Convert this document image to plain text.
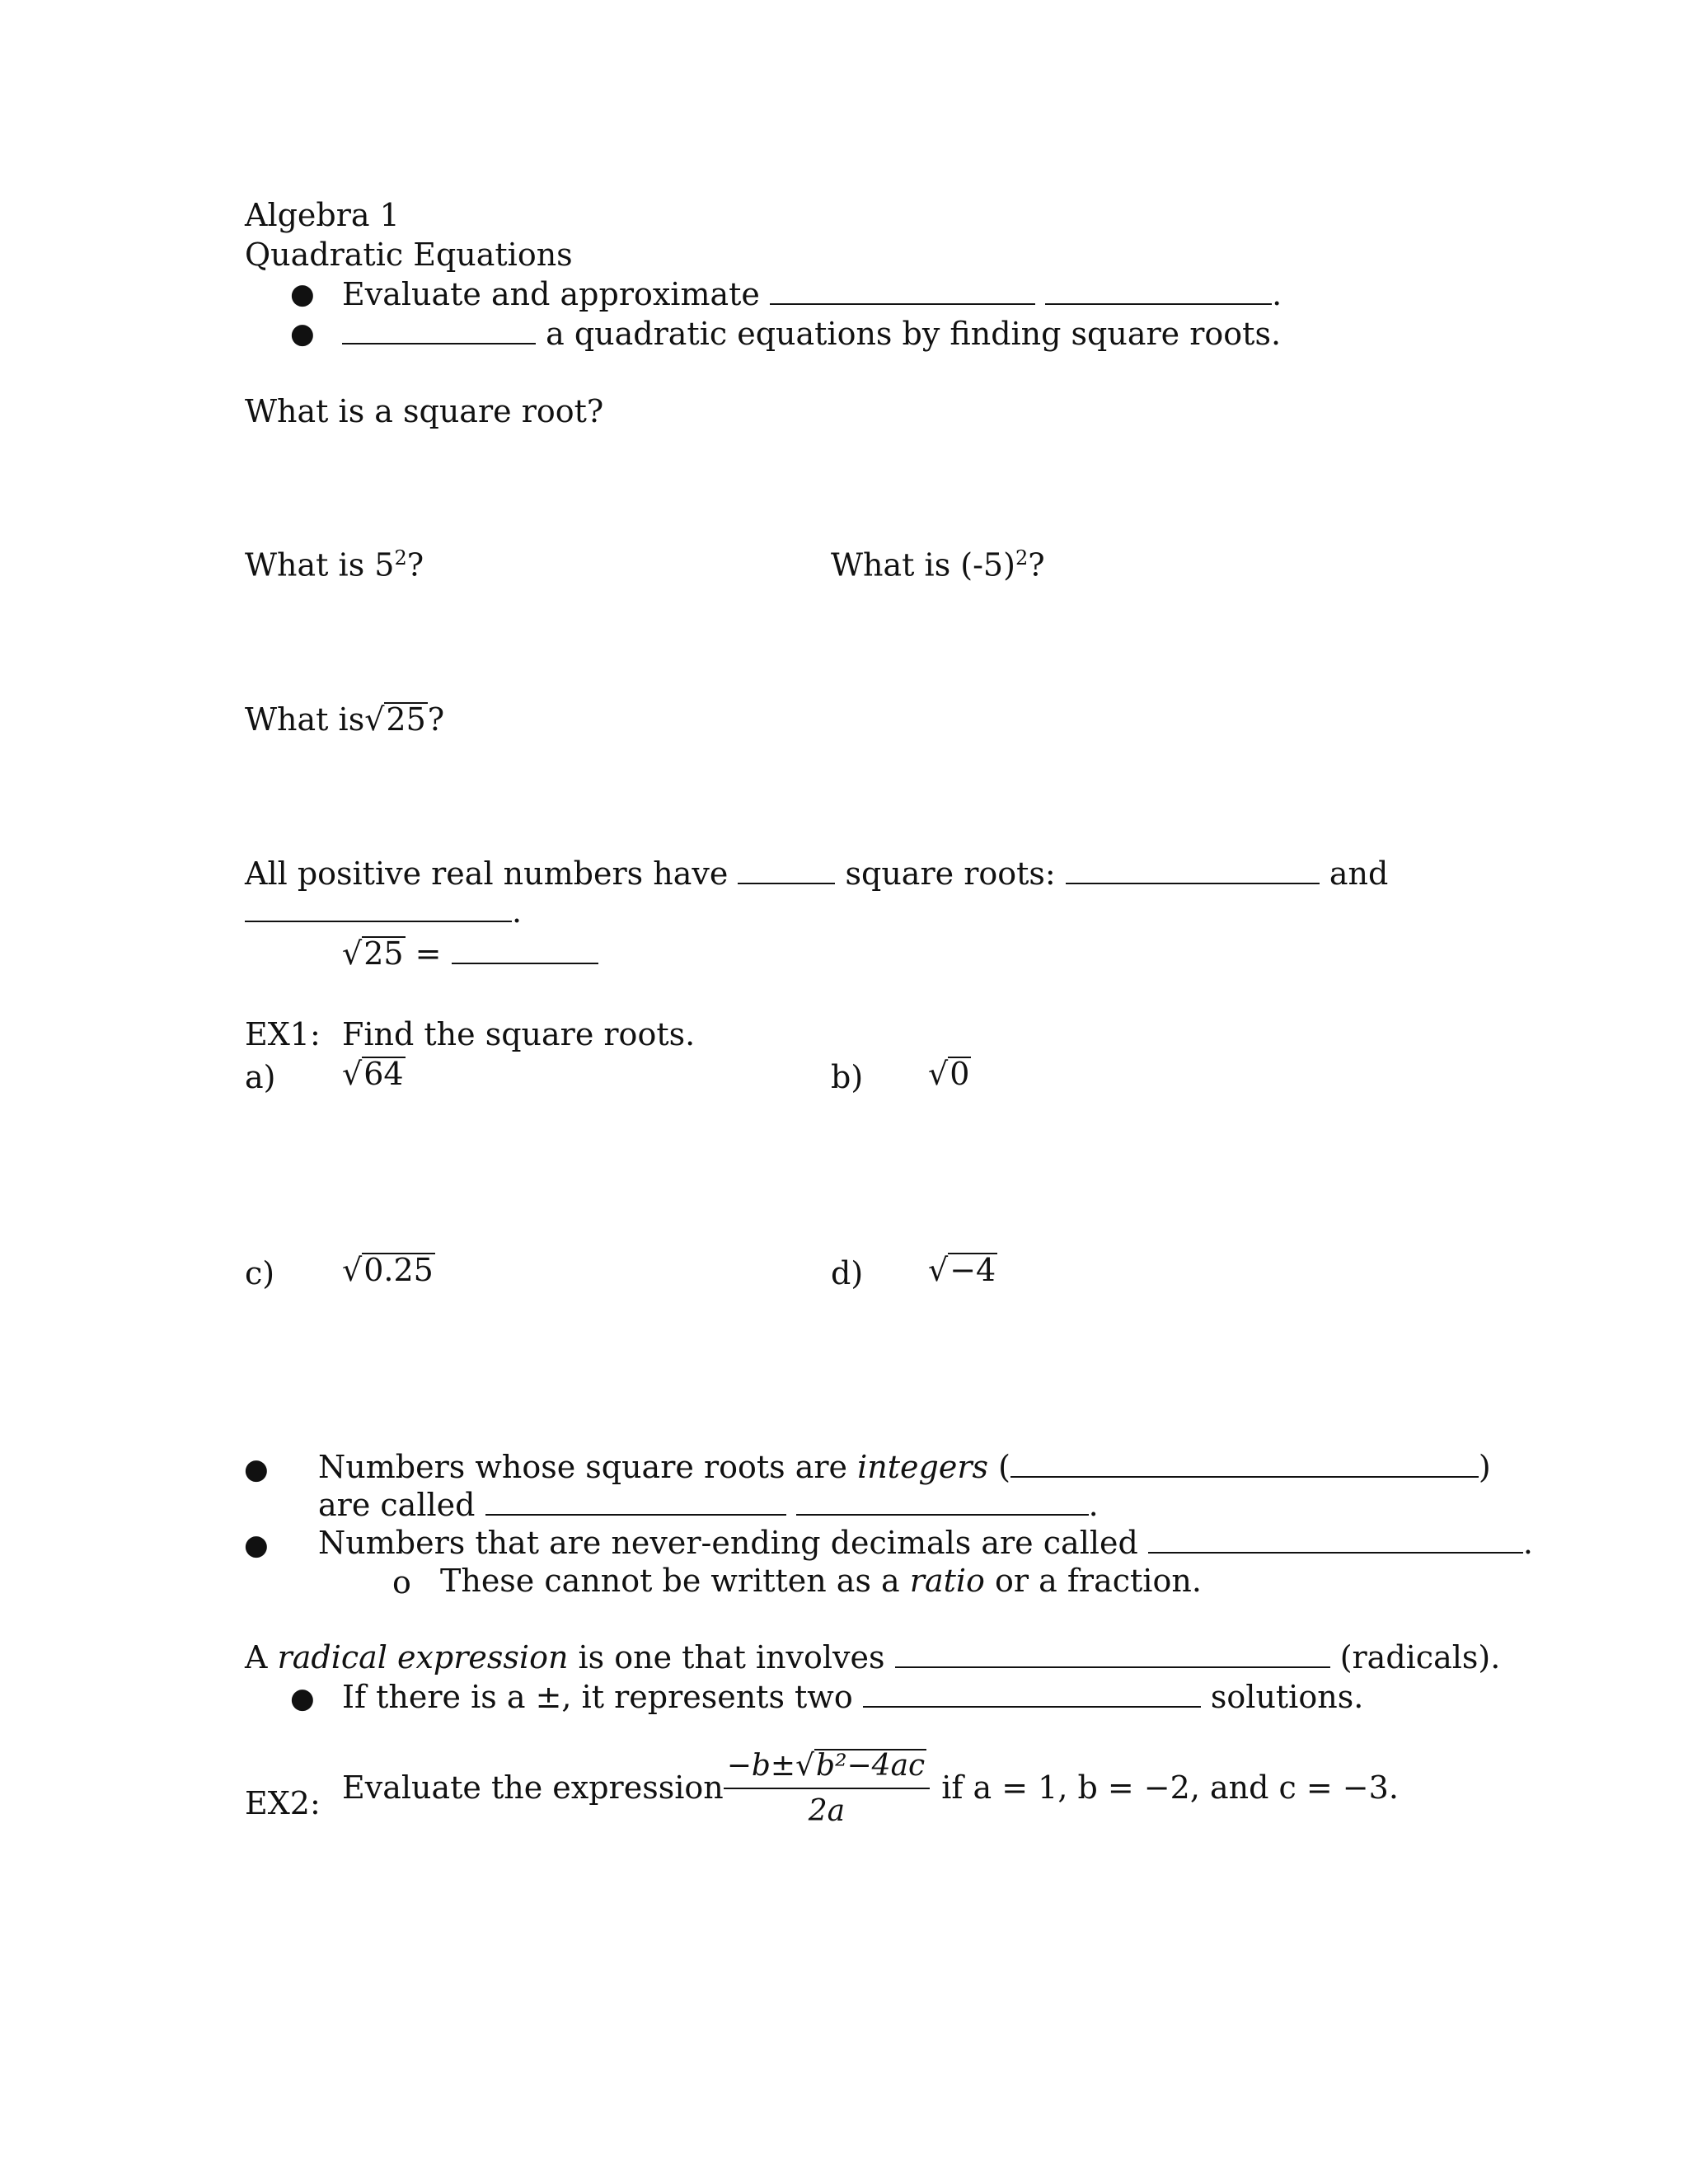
Algebra 1
Quadratic Equations
● Evaluate and approximate	.
●	a quadratic equations by finding square roots.
What is a square root?
What is $5^2$?	What is $(-5)^2$?
What is√25?
All positive real numbers have	square roots:	and
.
√25 =
EX1: Find the square roots.
a) √64	b) √0
c) √0.25	d) √−4
● Numbers whose square roots are integers (	)
are called	.
● Numbers that are never-ending decimals are called	.
o These cannot be written as a ratio or a fraction.
A radical expression is one that involves	(radicals).
● If there is a ±, it represents two	solutions.
EX2: Evaluate the expression $\frac{\text{−b±√b²−4ac}}{2a}$ if a = 1, b = −2, and c = −3.
